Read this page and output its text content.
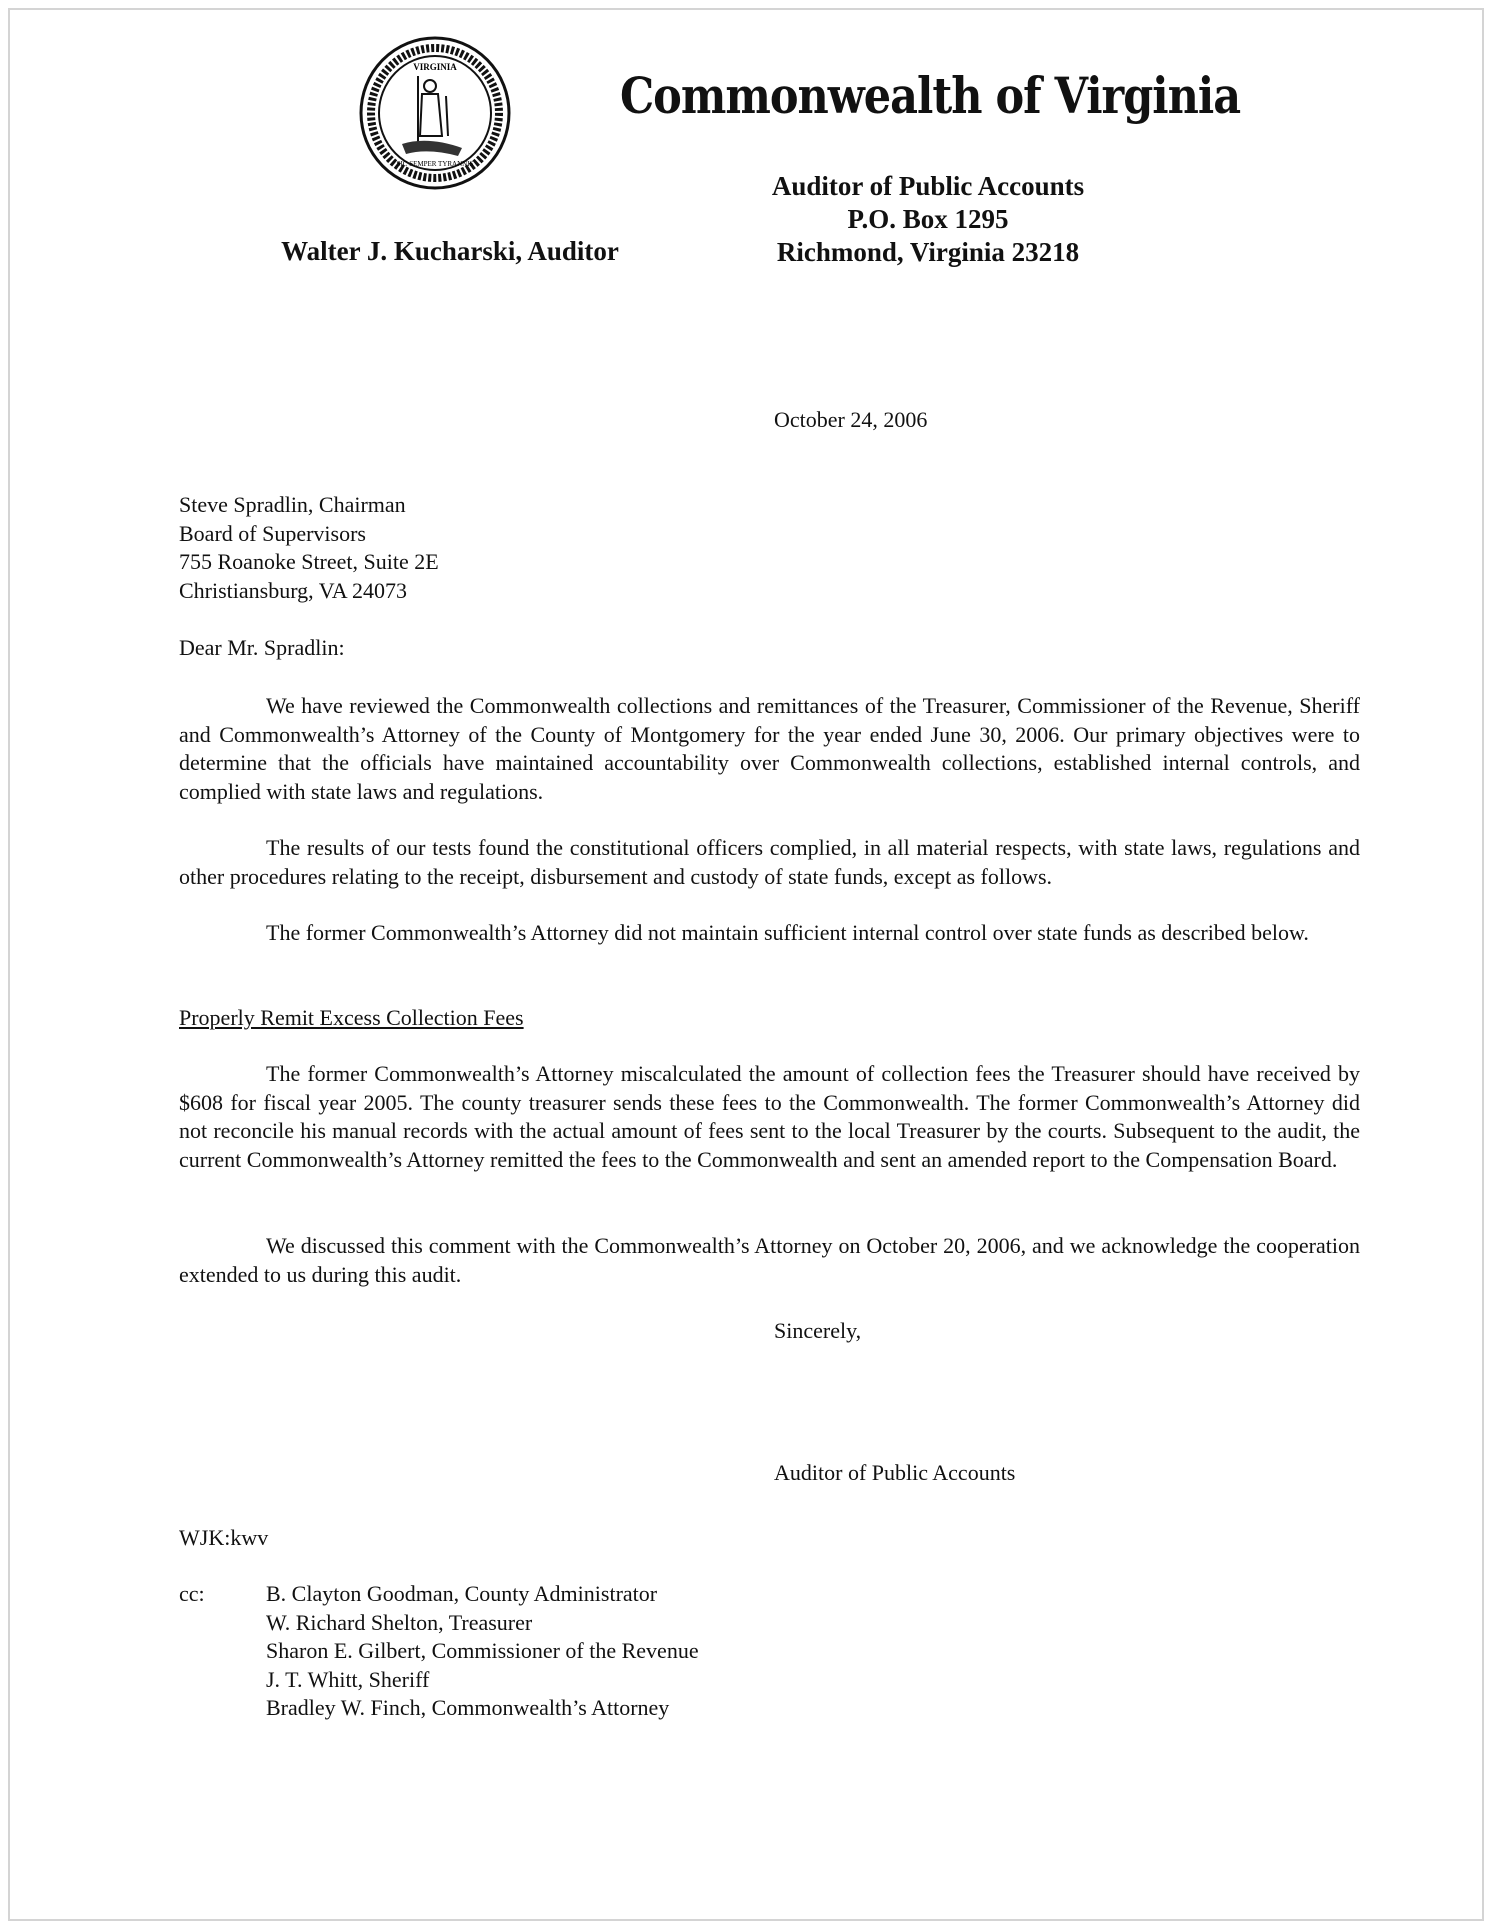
VIRGINIA
SIC SEMPER TYRANNIS
Commonwealth of Virginia
Auditor of Public Accounts
P.O. Box 1295
Richmond, Virginia 23218
Walter J. Kucharski, Auditor
October 24, 2006
Steve Spradlin, Chairman
Board of Supervisors
755 Roanoke Street, Suite 2E
Christiansburg, VA 24073
Dear Mr. Spradlin:
We have reviewed the Commonwealth collections and remittances of the Treasurer, Commissioner of the Revenue, Sheriff and Commonwealth’s Attorney of the County of Montgomery for the year ended June 30, 2006. Our primary objectives were to determine that the officials have maintained accountability over Commonwealth collections, established internal controls, and complied with state laws and regulations.
The results of our tests found the constitutional officers complied, in all material respects, with state laws, regulations and other procedures relating to the receipt, disbursement and custody of state funds, except as follows.
The former Commonwealth’s Attorney did not maintain sufficient internal control over state funds as described below.
Properly Remit Excess Collection Fees
The former Commonwealth’s Attorney miscalculated the amount of collection fees the Treasurer should have received by $608 for fiscal year 2005. The county treasurer sends these fees to the Commonwealth. The former Commonwealth’s Attorney did not reconcile his manual records with the actual amount of fees sent to the local Treasurer by the courts. Subsequent to the audit, the current Commonwealth’s Attorney remitted the fees to the Commonwealth and sent an amended report to the Compensation Board.
We discussed this comment with the Commonwealth’s Attorney on October 20, 2006, and we acknowledge the cooperation extended to us during this audit.
Sincerely,
Auditor of Public Accounts
WJK:kwv
cc:	B. Clayton Goodman, County Administrator
W. Richard Shelton, Treasurer
Sharon E. Gilbert, Commissioner of the Revenue
J. T. Whitt, Sheriff
Bradley W. Finch, Commonwealth’s Attorney
